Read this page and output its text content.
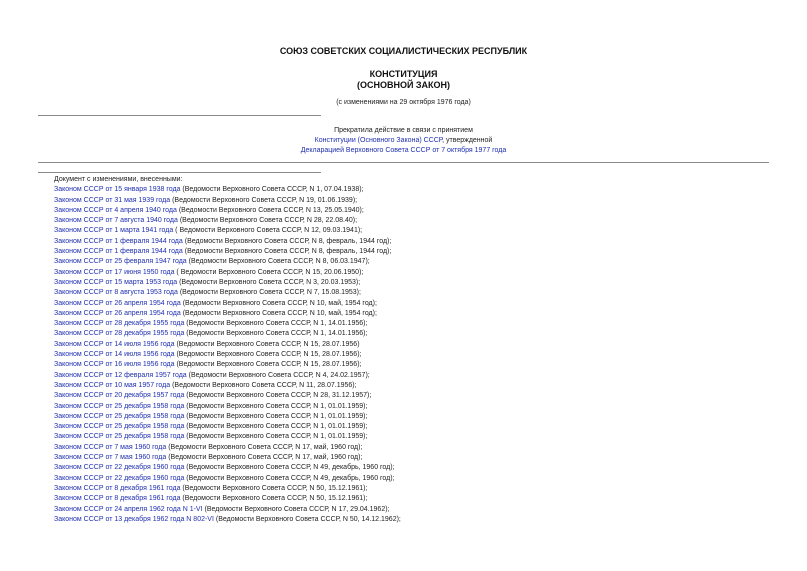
СОЮЗ СОВЕТСКИХ СОЦИАЛИСТИЧЕСКИХ РЕСПУБЛИК
КОНСТИТУЦИЯ
(ОСНОВНОЙ ЗАКОН)
(с изменениями на 29 октября 1976 года)
Прекратила действие в связи с принятием
Конституции (Основного Закона) СССР, утвержденной
Декларацией Верховного Совета СССР от 7 октября 1977 года
Документ с изменениями, внесенными:
Законом СССР от 15 января 1938 года (Ведомости Верховного Совета СССР, N 1, 07.04.1938);
Законом СССР от 31 мая 1939 года (Ведомости Верховного Совета СССР, N 19, 01.06.1939);
Законом СССР от 4 апреля 1940 года (Ведомости Верховного Совета СССР, N 13, 25.05.1940);
Законом СССР от 7 августа 1940 года (Ведомости Верховного Совета СССР, N 28, 22.08.40);
Законом СССР от 1 марта 1941 года ( Ведомости Верховного Совета СССР, N 12, 09.03.1941);
Законом СССР от 1 февраля 1944 года (Ведомости Верховного Совета СССР, N 8, февраль, 1944 год);
Законом СССР от 1 февраля 1944 года (Ведомости Верховного Совета СССР, N 8, февраль, 1944 год);
Законом СССР от 25 февраля 1947 года (Ведомости Верховного Совета СССР, N 8, 06.03.1947);
Законом СССР от 17 июня 1950 года ( Ведомости Верховного Совета СССР, N 15, 20.06.1950);
Законом СССР от 15 марта 1953 года (Ведомости Верховного Совета СССР, N 3, 20.03.1953);
Законом СССР от 8 августа 1953 года (Ведомости Верховного Совета СССР, N 7, 15.08.1953);
Законом СССР от 26 апреля 1954 года (Ведомости Верховного Совета СССР, N 10, май, 1954 год);
Законом СССР от 26 апреля 1954 года (Ведомости Верховного Совета СССР, N 10, май, 1954 год);
Законом СССР от 28 декабря 1955 года (Ведомости Верховного Совета СССР, N 1, 14.01.1956);
Законом СССР от 28 декабря 1955 года (Ведомости Верховного Совета СССР, N 1, 14.01.1956);
Законом СССР от 14 июля 1956 года (Ведомости Верховного Совета СССР, N 15, 28.07.1956)
Законом СССР от 14 июля 1956 года (Ведомости Верховного Совета СССР, N 15, 28.07.1956);
Законом СССР от 16 июля 1956 года (Ведомости Верховного Совета СССР, N 15, 28.07.1956);
Законом СССР от 12 февраля 1957 года (Ведомости Верховного Совета СССР, N 4, 24.02.1957);
Законом СССР от 10 мая 1957 года (Ведомости Верховного Совета СССР, N 11, 28.07.1956);
Законом СССР от 20 декабря 1957 года (Ведомости Верховного Совета СССР, N 28, 31.12.1957);
Законом СССР от 25 декабря 1958 года (Ведомости Верховного Совета СССР, N 1, 01.01.1959);
Законом СССР от 25 декабря 1958 года (Ведомости Верховного Совета СССР, N 1, 01.01.1959);
Законом СССР от 25 декабря 1958 года (Ведомости Верховного Совета СССР, N 1, 01.01.1959);
Законом СССР от 25 декабря 1958 года (Ведомости Верховного Совета СССР, N 1, 01.01.1959);
Законом СССР от 7 мая 1960 года (Ведомости Верховного Совета СССР, N 17, май, 1960 год);
Законом СССР от 7 мая 1960 года (Ведомости Верховного Совета СССР, N 17, май, 1960 год);
Законом СССР от 22 декабря 1960 года (Ведомости Верховного Совета СССР, N 49, декабрь, 1960 год);
Законом СССР от 22 декабря 1960 года (Ведомости Верховного Совета СССР, N 49, декабрь, 1960 год);
Законом СССР от 8 декабря 1961 года (Ведомости Верховного Совета СССР, N 50, 15.12.1961);
Законом СССР от 8 декабря 1961 года (Ведомости Верховного Совета СССР, N 50, 15.12.1961);
Законом СССР от 24 апреля 1962 года N 1-VI (Ведомости Верховного Совета СССР, N 17, 29.04.1962);
Законом СССР от 13 декабря 1962 года N 802-VI (Ведомости Верховного Совета СССР, N 50, 14.12.1962);
